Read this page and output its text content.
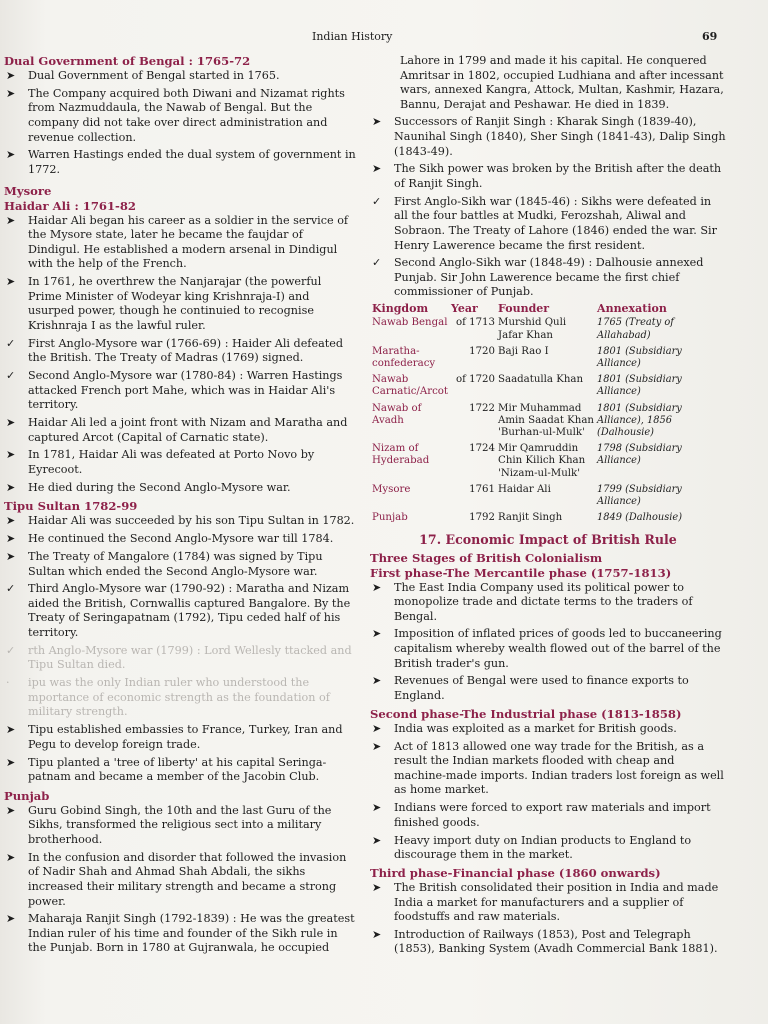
Indian History	69

Dual Government of Bengal : 1765-72

➤ Dual Government of Bengal started in 1765.
➤ The Company acquired both Diwani and Nizamat rights from Nazmuddaula, the Nawab of Bengal. But the company did not take over direct administration and revenue collection.
➤ Warren Hastings ended the dual system of government in 1772.

Mysore

Haidar Ali : 1761-82

➤ Haidar Ali began his career as a soldier in the service of the Mysore state, later he became the faujdar of Dindigul. He established a modern arsenal in Dindigul with the help of the French.
➤ In 1761, he overthrew the Nanjarajar (the powerful Prime Minister of Wodeyar king Krishnraja-I) and usurped power, though he continuied to recognise Krishnraja I as the lawful ruler.
✓ First Anglo-Mysore war (1766-69) : Haider Ali defeated the British. The Treaty of Madras (1769) signed.
✓ Second Anglo-Mysore war (1780-84) : Warren Hastings attacked French port Mahe, which was in Haidar Ali's territory.
➤ Haidar Ali led a joint front with Nizam and Maratha and captured Arcot (Capital of Carnatic state).
➤ In 1781, Haidar Ali was defeated at Porto Novo by Eyrecoot.
➤ He died during the Second Anglo-Mysore war.

Tipu Sultan 1782-99

➤ Haidar Ali was succeeded by his son Tipu Sultan in 1782.
➤ He continued the Second Anglo-Mysore war till 1784.
➤ The Treaty of Mangalore (1784) was signed by Tipu Sultan which ended the Second Anglo-Mysore war.
✓ Third Anglo-Mysore war (1790-92) : Maratha and Nizam aided the British, Cornwallis captured Bangalore. By the Treaty of Seringapatnam (1792), Tipu ceded half of his territory.
✓ rth Anglo-Mysore war (1799) : Lord Wellesly ttacked and Tipu Sultan died.
· ipu was the only Indian ruler who understood the mportance of economic strength as the foundation of military strength.
➤ Tipu established embassies to France, Turkey, Iran and Pegu to develop foreign trade.
➤ Tipu planted a 'tree of liberty' at his capital Seringa-patnam and became a member of the Jacobin Club.

Punjab

➤ Guru Gobind Singh, the 10th and the last Guru of the Sikhs, transformed the religious sect into a military brotherhood.
➤ In the confusion and disorder that followed the invasion of Nadir Shah and Ahmad Shah Abdali, the sikhs increased their military strength and became a strong power.
➤ Maharaja Ranjit Singh (1792-1839) : He was the greatest Indian ruler of his time and founder of the Sikh rule in the Punjab. Born in 1780 at Gujranwala, he occupied

Lahore in 1799 and made it his capital. He conquered Amritsar in 1802, occupied Ludhiana and after incessant wars, annexed Kangra, Attock, Multan, Kashmir, Hazara, Bannu, Derajat and Peshawar. He died in 1839.

➤ Successors of Ranjit Singh : Kharak Singh (1839-40), Naunihal Singh (1840), Sher Singh (1841-43), Dalip Singh (1843-49).
➤ The Sikh power was broken by the British after the death of Ranjit Singh.
✓ First Anglo-Sikh war (1845-46) : Sikhs were defeated in all the four battles at Mudki, Ferozshah, Aliwal and Sobraon. The Treaty of Lahore (1846) ended the war. Sir Henry Lawerence became the first resident.
✓ Second Anglo-Sikh war (1848-49) : Dalhousie annexed Punjab. Sir John Lawerence became the first chief commissioner of Punjab.
Kingdom	Year	Founder	Annexation
Nawab Bengal	of 1713	Murshid Quli Jafar Khan	1765 (Treaty of Allahabad)
Maratha-confederacy	1720	Baji Rao I	1801 (Subsidiary Alliance)
Nawab Carnatic/Arcot	of 1720	Saadatulla Khan	1801 (Subsidiary Alliance)
Nawab of Avadh	1722	Mir Muhammad Amin Saadat Khan 'Burhan-ul-Mulk'	1801 (Subsidiary Alliance), 1856 (Dalhousie)
Nizam of Hyderabad	1724	Mir Qamruddin Chin Kilich Khan 'Nizam-ul-Mulk'	1798 (Subsidiary Alliance)
Mysore	1761	Haidar Ali	1799 (Subsidiary Alliance)
Punjab	1792	Ranjit Singh	1849 (Dalhousie)

17. Economic Impact of British Rule

Three Stages of British Colonialism

First phase-The Mercantile phase (1757-1813)

➤ The East India Company used its political power to monopolize trade and dictate terms to the traders of Bengal.
➤ Imposition of inflated prices of goods led to buccaneering capitalism whereby wealth flowed out of the barrel of the British trader's gun.
➤ Revenues of Bengal were used to finance exports to England.

Second phase-The Industrial phase (1813-1858)

➤ India was exploited as a market for British goods.
➤ Act of 1813 allowed one way trade for the British, as a result the Indian markets flooded with cheap and machine-made imports. Indian traders lost foreign as well as home market.
➤ Indians were forced to export raw materials and import finished goods.
➤ Heavy import duty on Indian products to England to discourage them in the market.

Third phase-Financial phase (1860 onwards)

➤ The British consolidated their position in India and made India a market for manufacturers and a supplier of foodstuffs and raw materials.
➤ Introduction of Railways (1853), Post and Telegraph (1853), Banking System (Avadh Commercial Bank 1881).
